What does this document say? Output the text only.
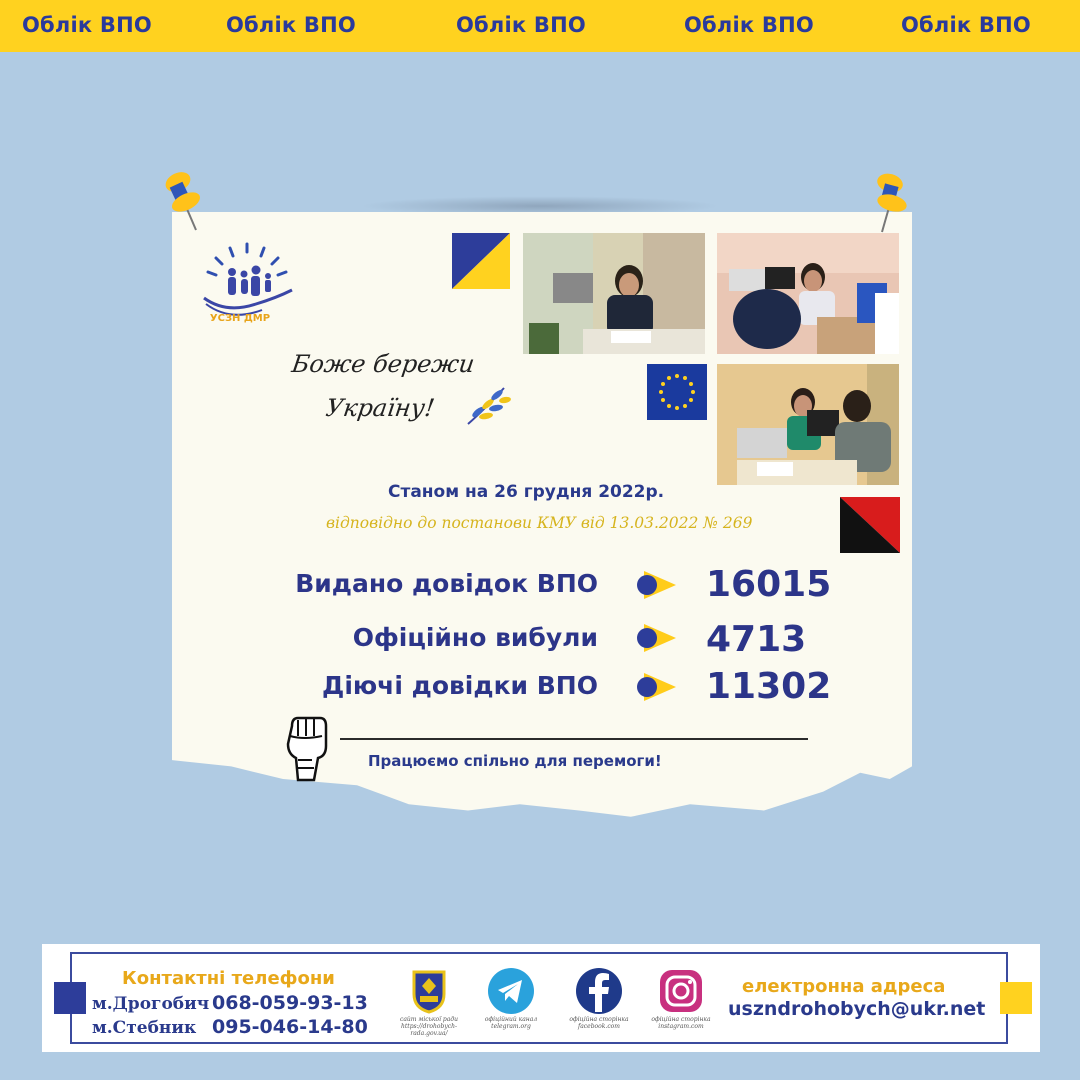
Облік ВПО	Облік ВПО	Облік ВПО	Облік ВПО	Облік ВПО
УСЗН ДМР
Боже бережи
Україну!
Станом на 26 грудня 2022р.
відповідно до постанови КМУ від 13.03.2022 № 269
Видано довідок ВПО	16015
Офіційно вибули	4713
Діючі довідки ВПО	11302
Працюємо спільно для перемоги!
Контактні телефони
м.Дрогобич 068-059-93-13
м.Стебник 095-046-14-80	сайт міської ради https://drohobych-rada.gov.ua/
офіційний канал telegram.org
офіційна сторінка facebook.com
офіційна сторінка instagram.com
електронна адреса
uszndrohobych@ukr.net
